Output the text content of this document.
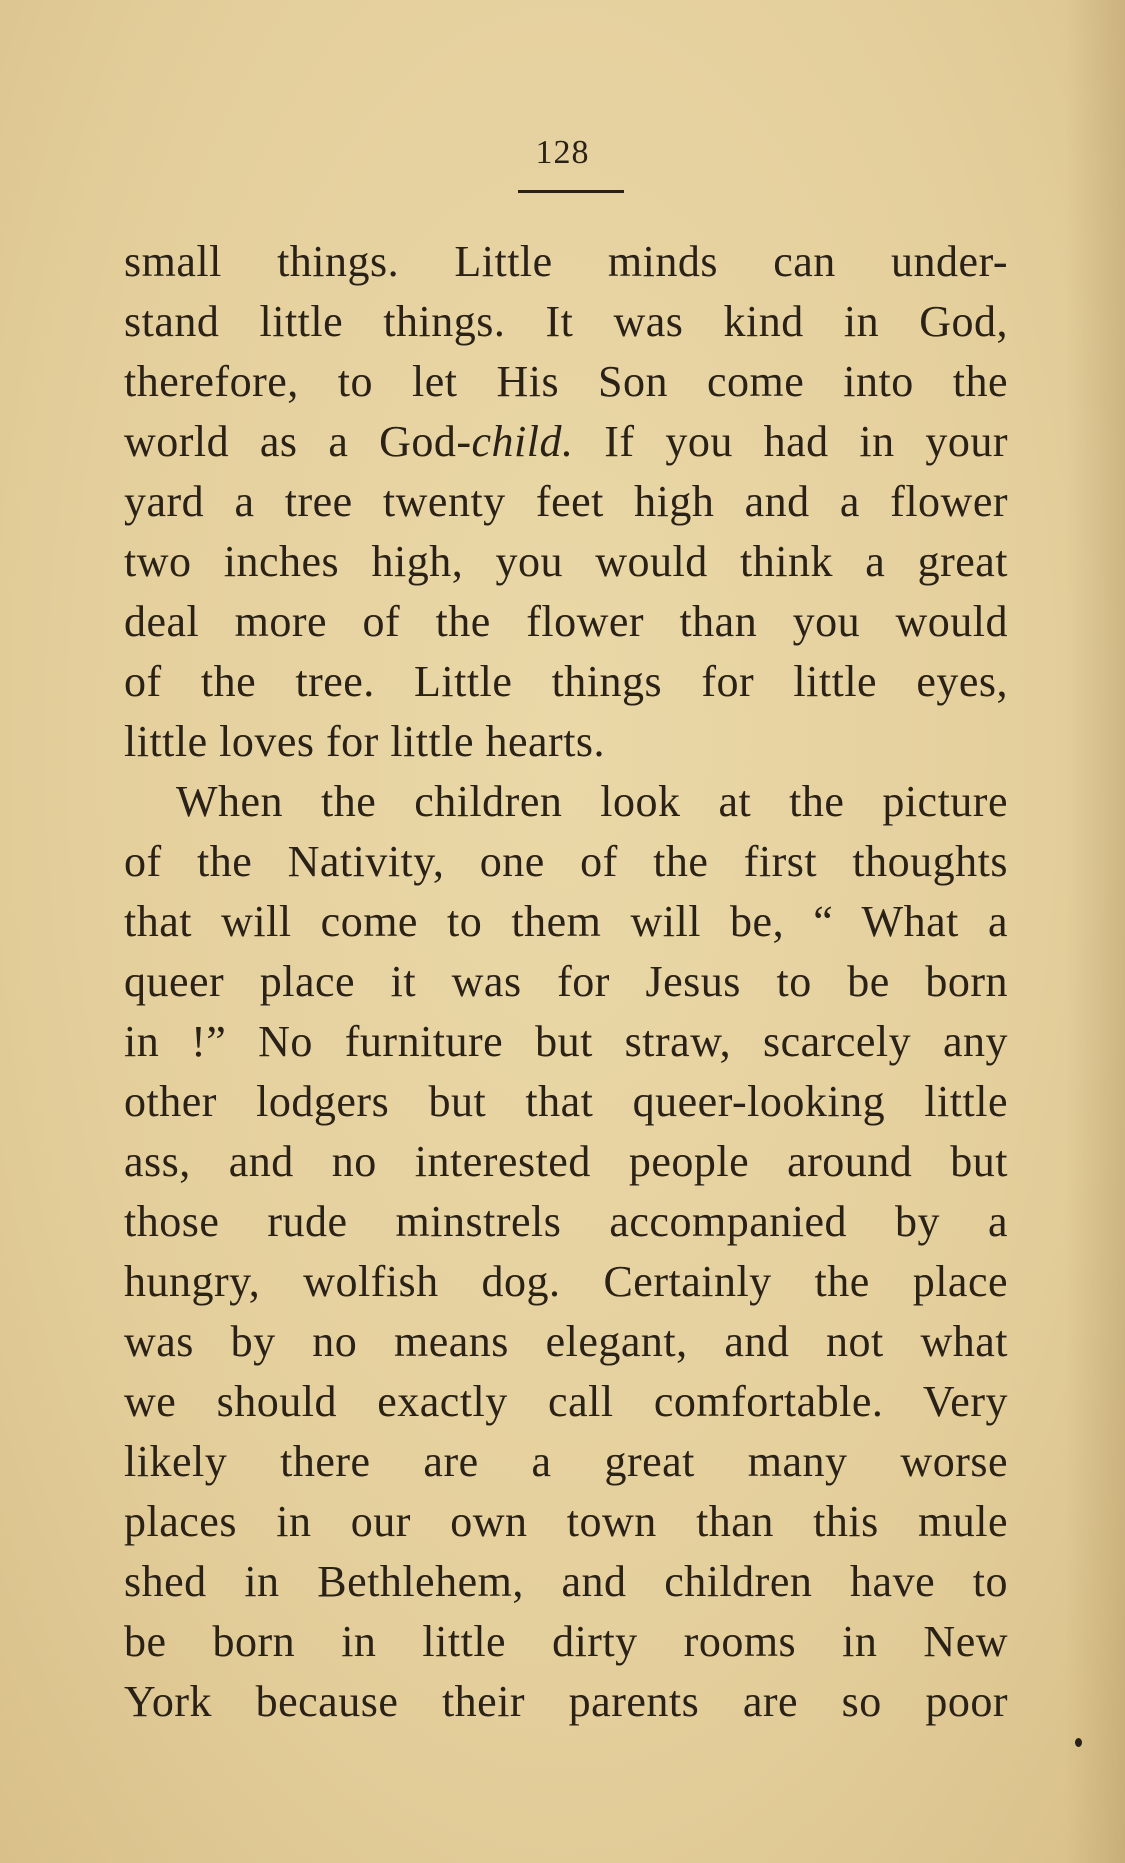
128
small things. Little minds can under-
stand little things. It was kind in God,
therefore, to let His Son come into the
world as a God-child. If you had in your
yard a tree twenty feet high and a flower
two inches high, you would think a great
deal more of the flower than you would
of the tree. Little things for little eyes,
little loves for little hearts.
When the children look at the picture
of the Nativity, one of the first thoughts
that will come to them will be, “ What a
queer place it was for Jesus to be born
in !” No furniture but straw, scarcely any
other lodgers but that queer-looking little
ass, and no interested people around but
those rude minstrels accompanied by a
hungry, wolfish dog. Certainly the place
was by no means elegant, and not what
we should exactly call comfortable. Very
likely there are a great many worse
places in our own town than this mule
shed in Bethlehem, and children have to
be born in little dirty rooms in New
York because their parents are so poor
